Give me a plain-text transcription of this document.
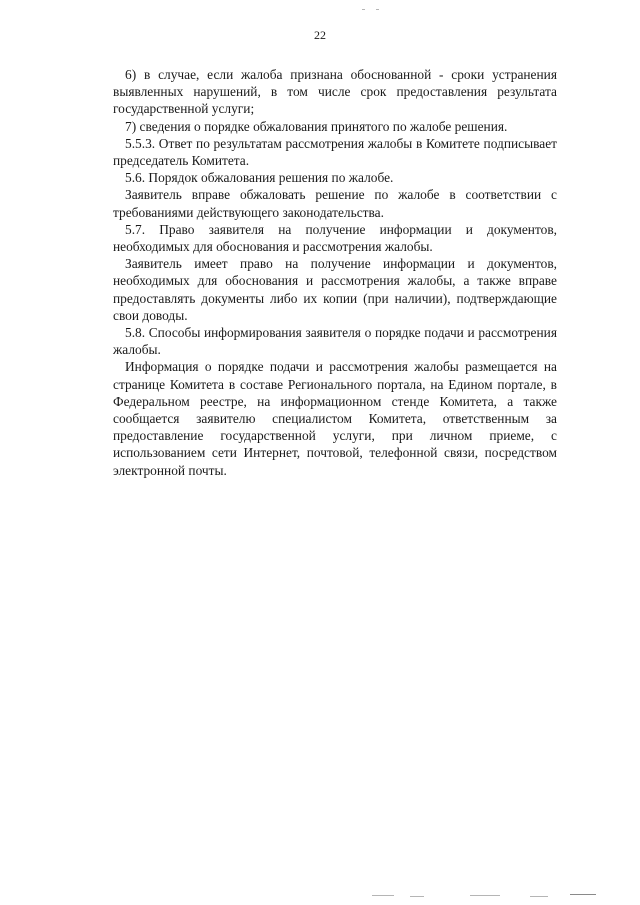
22

6) в случае, если жалоба признана обоснованной - сроки устранения выявленных нарушений, в том числе срок предоставления результата государственной услуги;

7) сведения о порядке обжалования принятого по жалобе решения.

5.5.3. Ответ по результатам рассмотрения жалобы в Комитете подписывает председатель Комитета.

5.6. Порядок обжалования решения по жалобе.

Заявитель вправе обжаловать решение по жалобе в соответствии с требованиями действующего законодательства.

5.7. Право заявителя на получение информации и документов, необходимых для обоснования и рассмотрения жалобы.

Заявитель имеет право на получение информации и документов, необходимых для обоснования и рассмотрения жалобы, а также вправе предоставлять документы либо их копии (при наличии), подтверждающие свои доводы.

5.8. Способы информирования заявителя о порядке подачи и рассмотрения жалобы.

Информация о порядке подачи и рассмотрения жалобы размещается на странице Комитета в составе Регионального портала, на Едином портале, в Федеральном реестре, на информационном стенде Комитета, а также сообщается заявителю специалистом Комитета, ответственным за предоставление государственной услуги, при личном приеме, с использованием сети Интернет, почтовой, телефонной связи, посредством электронной почты.
